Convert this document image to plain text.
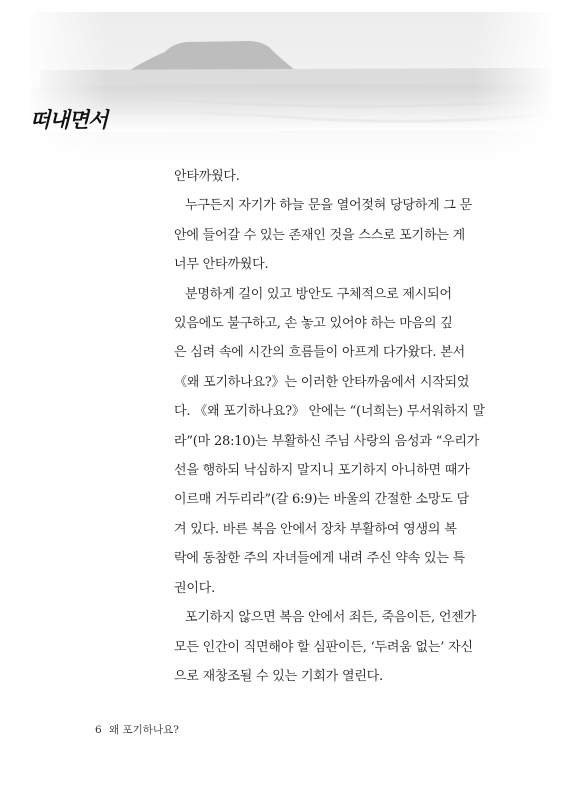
떠내면서

안타까웠다.

누구든지 자기가 하늘 문을 열어젖혀 당당하게 그 문
안에 들어갈 수 있는 존재인 것을 스스로 포기하는 게
너무 안타까웠다.

분명하게 길이 있고 방안도 구체적으로 제시되어
있음에도 불구하고, 손 놓고 있어야 하는 마음의 깊
은 심려 속에 시간의 흐름들이 아프게 다가왔다. 본서
《왜 포기하나요?》는 이러한 안타까움에서 시작되었
다. 《왜 포기하나요?》 안에는 “(너희는) 무서워하지 말
라”(마 28:10)는 부활하신 주님 사랑의 음성과 “우리가
선을 행하되 낙심하지 말지니 포기하지 아니하면 때가
이르매 거두리라”(갈 6:9)는 바울의 간절한 소망도 담
겨 있다. 바른 복음 안에서 장차 부활하여 영생의 복
락에 동참한 주의 자녀들에게 내려 주신 약속 있는 특
권이다.

포기하지 않으면 복음 안에서 죄든, 죽음이든, 언젠가
모든 인간이 직면해야 할 심판이든, ‘두려움 없는’ 자신
으로 재창조될 수 있는 기회가 열린다.

6 왜 포기하나요?
